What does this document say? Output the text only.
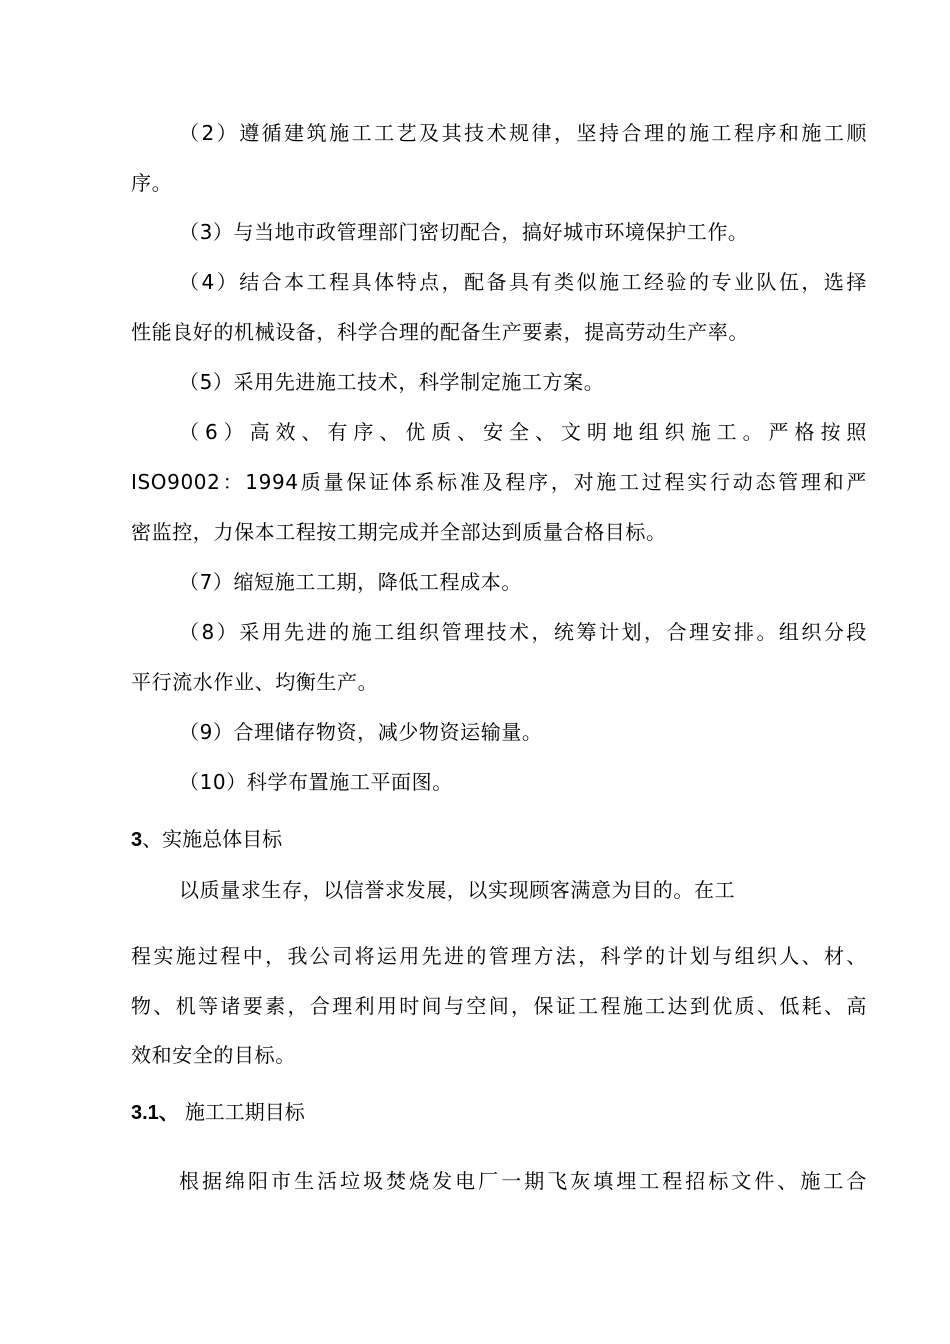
（2）遵循建筑施工工艺及其技术规律，坚持合理的施工程序和施工顺
序。
（3）与当地市政管理部门密切配合，搞好城市环境保护工作。
（4）结合本工程具体特点，配备具有类似施工经验的专业队伍，选择
性能良好的机械设备，科学合理的配备生产要素，提高劳动生产率。
（5）采用先进施工技术，科学制定施工方案。
（6）高效、有序、优质、安全、文明地组织施工。严格按照
ISO9002：1994质量保证体系标准及程序，对施工过程实行动态管理和严
密监控，力保本工程按工期完成并全部达到质量合格目标。
（7）缩短施工工期，降低工程成本。
（8）采用先进的施工组织管理技术，统筹计划，合理安排。组织分段
平行流水作业、均衡生产。
（9）合理储存物资，减少物资运输量。
（10）科学布置施工平面图。
3、实施总体目标
以质量求生存，以信誉求发展，以实现顾客满意为目的。在工
程实施过程中，我公司将运用先进的管理方法，科学的计划与组织人、材、
物、机等诸要素，合理利用时间与空间，保证工程施工达到优质、低耗、高
效和安全的目标。
3.1、 施工工期目标
根据绵阳市生活垃圾焚烧发电厂一期飞灰填埋工程招标文件、施工合
